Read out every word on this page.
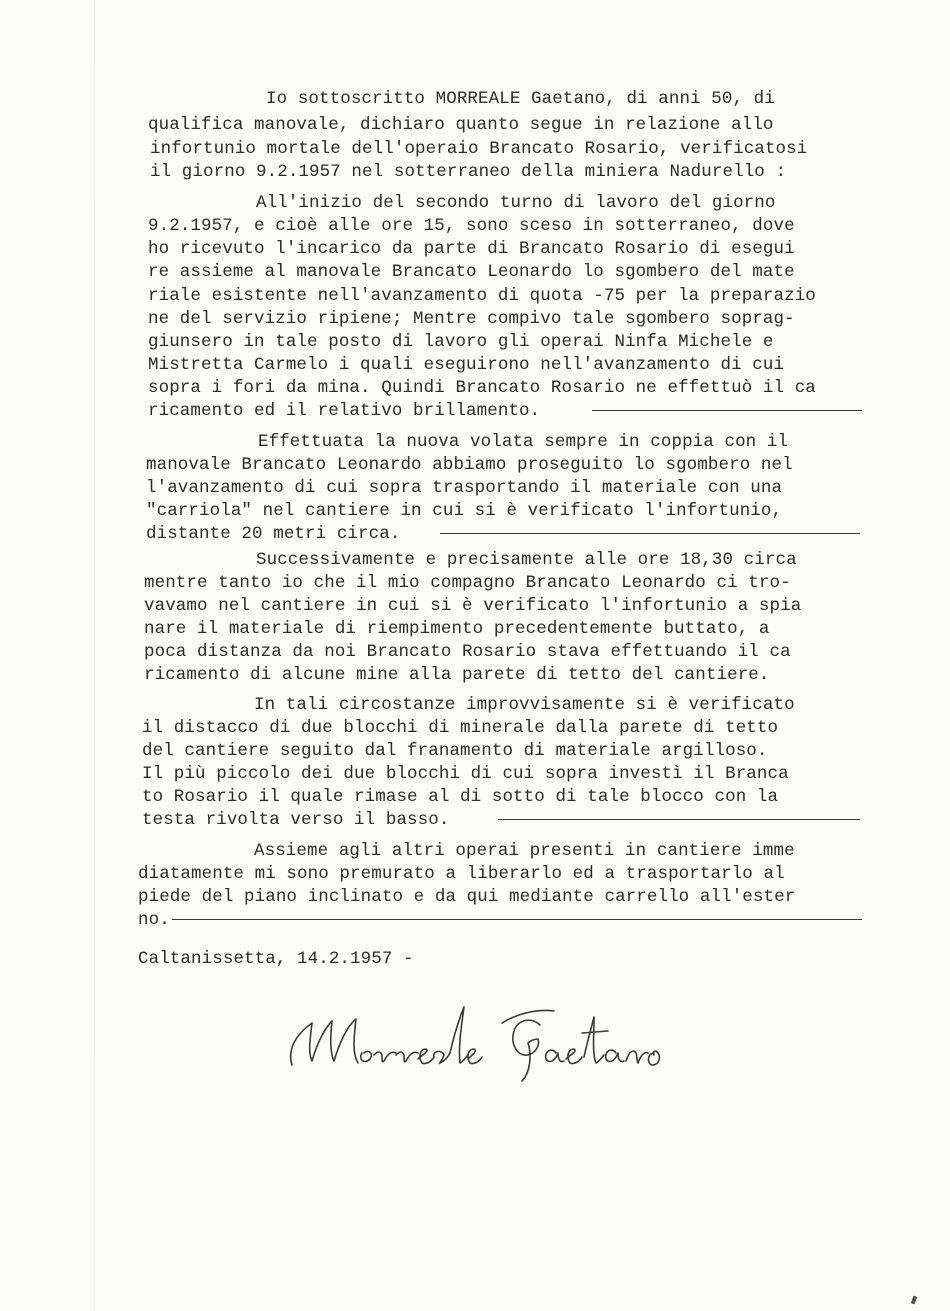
Io sottoscritto MORREALE Gaetano, di anni 50, di
qualifica manovale, dichiaro quanto segue in relazione allo
infortunio mortale dell'operaio Brancato Rosario, verificatosi
il giorno 9.2.1957 nel sotterraneo della miniera Nadurello :
All'inizio del secondo turno di lavoro del giorno
9.2.1957, e cioè alle ore 15, sono sceso in sotterraneo, dove
ho ricevuto l'incarico da parte di Brancato Rosario di esegui
re assieme al manovale Brancato Leonardo lo sgombero del mate
riale esistente nell'avanzamento di quota -75 per la preparazio
ne del servizio ripiene; Mentre compivo tale sgombero soprag-
giunsero in tale posto di lavoro gli operai Ninfa Michele e
Mistretta Carmelo i quali eseguirono nell'avanzamento di cui
sopra i fori da mina. Quindi Brancato Rosario ne effettuò il ca
ricamento ed il relativo brillamento.
Effettuata la nuova volata sempre in coppia con il
manovale Brancato Leonardo abbiamo proseguito lo sgombero nel
l'avanzamento di cui sopra trasportando il materiale con una
"carriola" nel cantiere in cui si è verificato l'infortunio,
distante 20 metri circa.
Successivamente e precisamente alle ore 18,30 circa
mentre tanto io che il mio compagno Brancato Leonardo ci tro-
vavamo nel cantiere in cui si è verificato l'infortunio a spia
nare il materiale di riempimento precedentemente buttato, a
poca distanza da noi Brancato Rosario stava effettuando il ca
ricamento di alcune mine alla parete di tetto del cantiere.
In tali circostanze improvvisamente si è verificato
il distacco di due blocchi di minerale dalla parete di tetto
del cantiere seguito dal franamento di materiale argilloso.
Il più piccolo dei due blocchi di cui sopra investì il Branca
to Rosario il quale rimase al di sotto di tale blocco con la
testa rivolta verso il basso.
Assieme agli altri operai presenti in cantiere imme
diatamente mi sono premurato a liberarlo ed a trasportarlo al
piede del piano inclinato e da qui mediante carrello all'ester
no.
Caltanissetta, 14.2.1957 -
